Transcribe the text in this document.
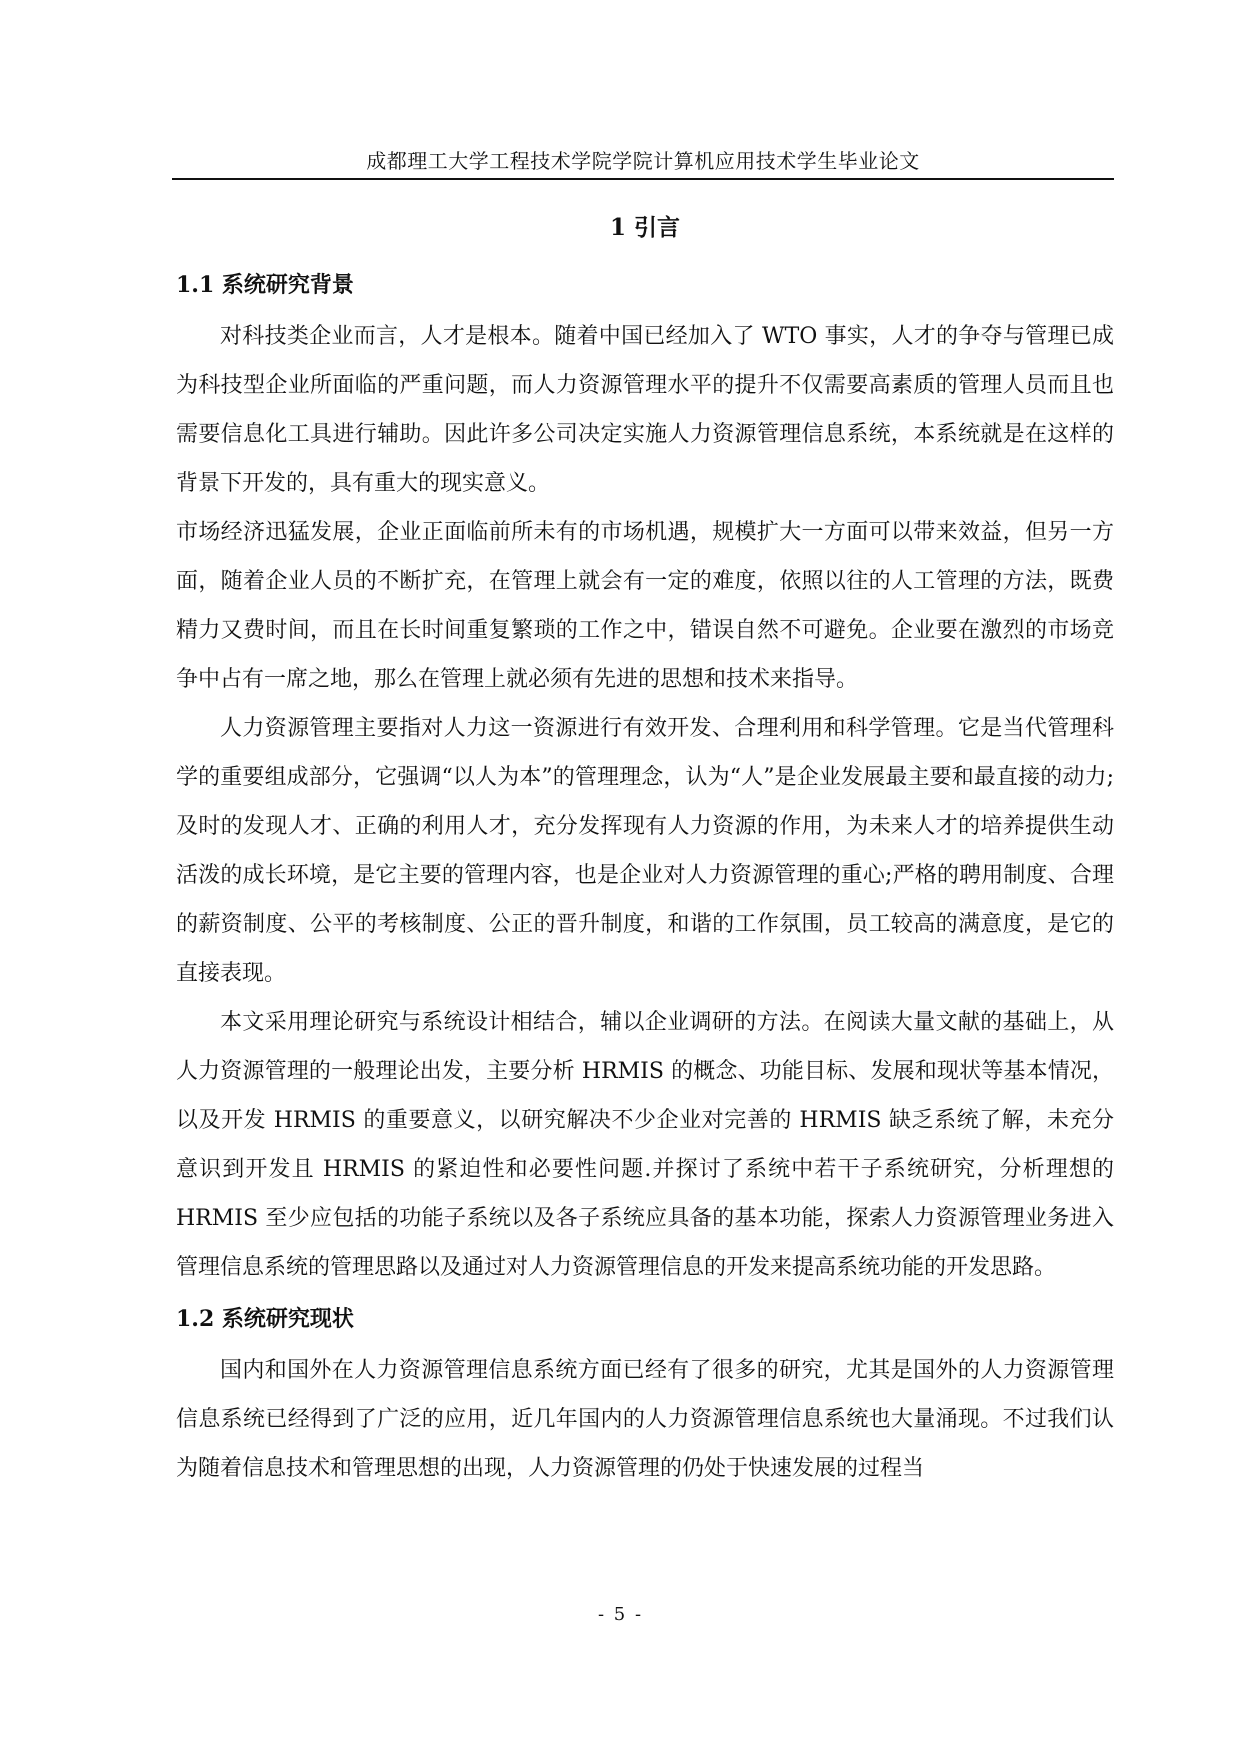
成都理工大学工程技术学院学院计算机应用技术学生毕业论文
1 引言
1.1 系统研究背景

对科技类企业而言，人才是根本。随着中国已经加入了 WTO 事实，人才的争夺与管理已成为科技型企业所面临的严重问题，而人力资源管理水平的提升不仅需要高素质的管理人员而且也需要信息化工具进行辅助。因此许多公司决定实施人力资源管理信息系统，本系统就是在这样的背景下开发的，具有重大的现实意义。

市场经济迅猛发展，企业正面临前所未有的市场机遇，规模扩大一方面可以带来效益，但另一方面，随着企业人员的不断扩充，在管理上就会有一定的难度，依照以往的人工管理的方法，既费精力又费时间，而且在长时间重复繁琐的工作之中，错误自然不可避免。企业要在激烈的市场竞争中占有一席之地，那么在管理上就必须有先进的思想和技术来指导。

人力资源管理主要指对人力这一资源进行有效开发、合理利用和科学管理。它是当代管理科学的重要组成部分，它强调“以人为本”的管理理念，认为“人”是企业发展最主要和最直接的动力;及时的发现人才、正确的利用人才，充分发挥现有人力资源的作用，为未来人才的培养提供生动活泼的成长环境，是它主要的管理内容，也是企业对人力资源管理的重心;严格的聘用制度、合理的薪资制度、公平的考核制度、公正的晋升制度，和谐的工作氛围，员工较高的满意度，是它的直接表现。

本文采用理论研究与系统设计相结合，辅以企业调研的方法。在阅读大量文献的基础上，从人力资源管理的一般理论出发，主要分析 HRMIS 的概念、功能目标、发展和现状等基本情况，以及开发 HRMIS 的重要意义，以研究解决不少企业对完善的 HRMIS 缺乏系统了解，未充分意识到开发且 HRMIS 的紧迫性和必要性问题.并探讨了系统中若干子系统研究，分析理想的 HRMIS 至少应包括的功能子系统以及各子系统应具备的基本功能，探索人力资源管理业务进入管理信息系统的管理思路以及通过对人力资源管理信息的开发来提高系统功能的开发思路。

1.2 系统研究现状

国内和国外在人力资源管理信息系统方面已经有了很多的研究，尤其是国外的人力资源管理信息系统已经得到了广泛的应用，近几年国内的人力资源管理信息系统也大量涌现。不过我们认为随着信息技术和管理思想的出现，人力资源管理的仍处于快速发展的过程当

- 5 -
